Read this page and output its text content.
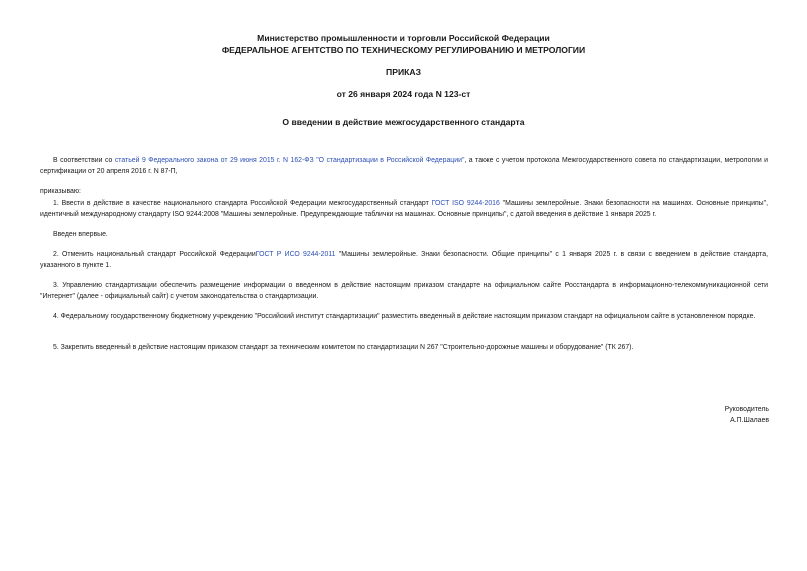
Министерство промышленности и торговли Российской Федерации
ФЕДЕРАЛЬНОЕ АГЕНТСТВО ПО ТЕХНИЧЕСКОМУ РЕГУЛИРОВАНИЮ И МЕТРОЛОГИИ
ПРИКАЗ
от 26 января 2024 года N 123-ст
О введении в действие межгосударственного стандарта
В соответствии со статьей 9 Федерального закона от 29 июня 2015 г. N 162-ФЗ "О стандартизации в Российской Федерации", а также с учетом протокола Межгосударственного совета по стандартизации, метрологии и сертификации от 20 апреля 2016 г. N 87-П,
приказываю:
1. Ввести в действие в качестве национального стандарта Российской Федерации межгосударственный стандарт ГОСТ ISO 9244-2016 "Машины землеройные. Знаки безопасности на машинах. Основные принципы", идентичный международному стандарту ISO 9244:2008 "Машины землеройные. Предупреждающие таблички на машинах. Основные принципы", с датой введения в действие 1 января 2025 г.
Введен впервые.
2. Отменить национальный стандарт Российской ФедерацииГОСТ Р ИСО 9244-2011 "Машины землеройные. Знаки безопасности. Общие принципы" с 1 января 2025 г. в связи с введением в действие стандарта, указанного в пункте 1.
3. Управлению стандартизации обеспечить размещение информации о введенном в действие настоящим приказом стандарте на официальном сайте Росстандарта в информационно-телекоммуникационной сети "Интернет" (далее - официальный сайт) с учетом законодательства о стандартизации.
4. Федеральному государственному бюджетному учреждению "Российский институт стандартизации" разместить введенный в действие настоящим приказом стандарт на официальном сайте в установленном порядке.
5. Закрепить введенный в действие настоящим приказом стандарт за техническим комитетом по стандартизации N 267 "Строительно-дорожные машины и оборудование" (ТК 267).
Руководитель
А.П.Шалаев
